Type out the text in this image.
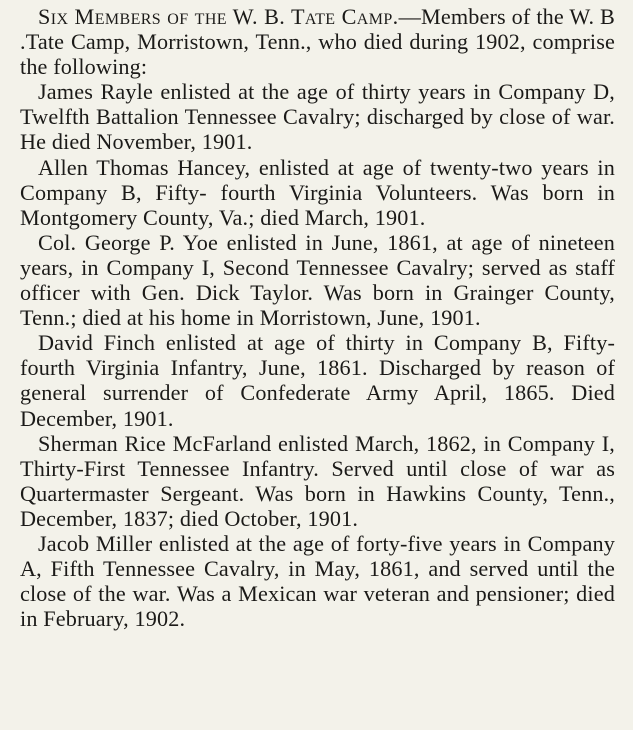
Six Members of the W. B. Tate Camp.—Members of the W. B .Tate Camp, Morristown, Tenn., who died during 1902, comprise the following:

James Rayle enlisted at the age of thirty years in Company D, Twelfth Battalion Tennessee Cavalry; discharged by close of war. He died November, 1901.

Allen Thomas Hancey, enlisted at age of twenty-two years in Company B, Fifty- fourth Virginia Volunteers. Was born in Montgomery County, Va.; died March, 1901.

Col. George P. Yoe enlisted in June, 1861, at age of nineteen years, in Company I, Second Tennessee Cavalry; served as staff officer with Gen. Dick Taylor. Was born in Grainger County, Tenn.; died at his home in Morristown, June, 1901.

David Finch enlisted at age of thirty in Company B, Fifty-fourth Virginia Infantry, June, 1861. Discharged by reason of general surrender of Confederate Army April, 1865. Died December, 1901.

Sherman Rice McFarland enlisted March, 1862, in Company I, Thirty-First Tennessee Infantry. Served until close of war as Quartermaster Sergeant. Was born in Hawkins County, Tenn., December, 1837; died October, 1901.

Jacob Miller enlisted at the age of forty-five years in Company A, Fifth Tennessee Cavalry, in May, 1861, and served until the close of the war. Was a Mexican war veteran and pensioner; died in February, 1902.
